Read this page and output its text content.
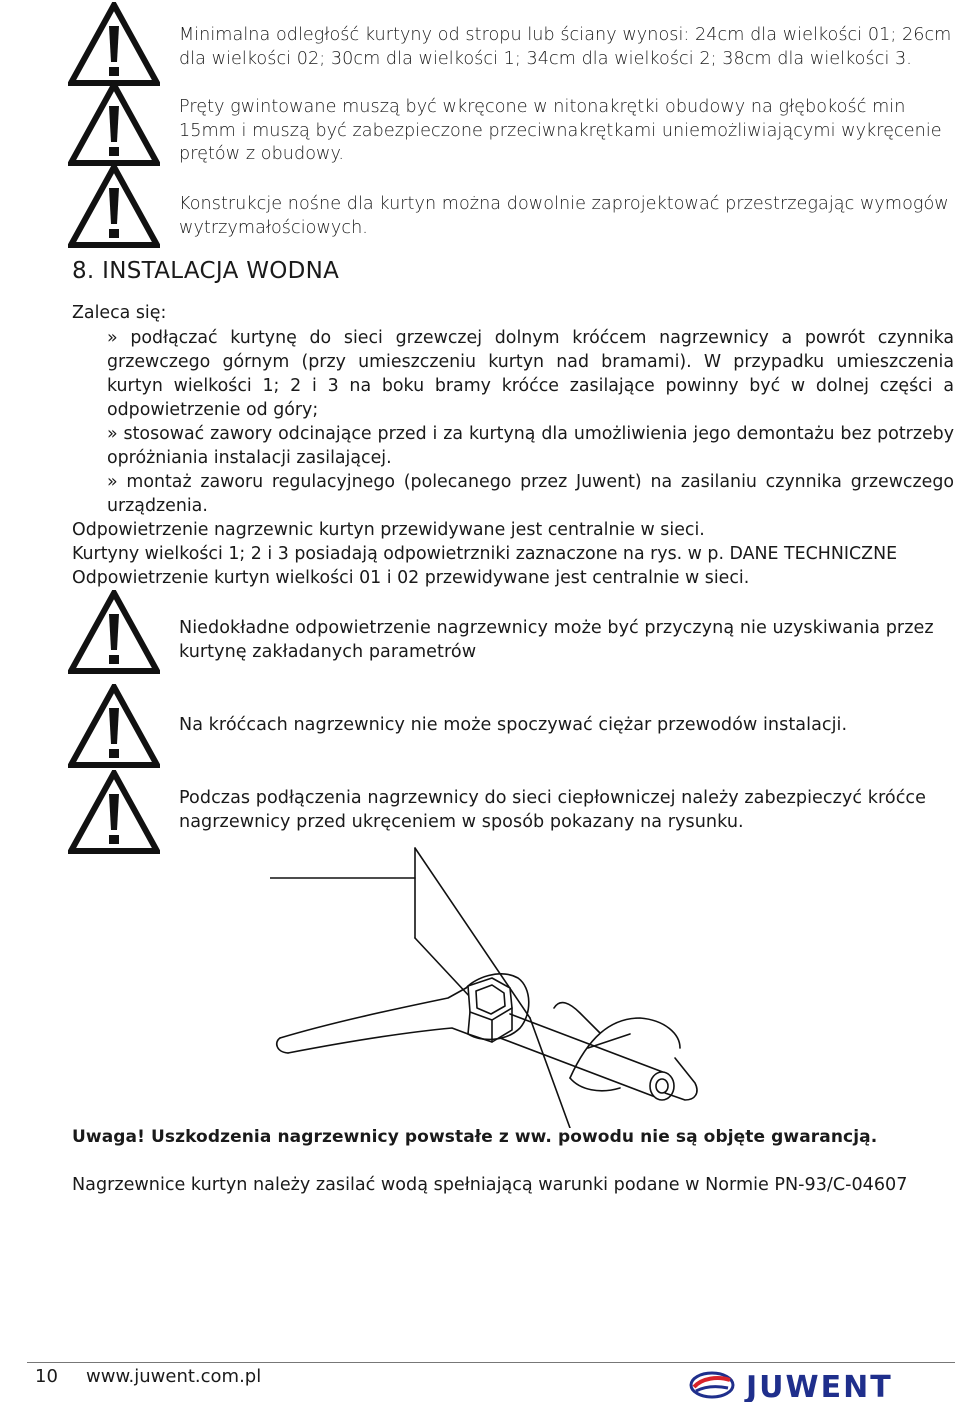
Minimalna odległość kurtyny od stropu lub ściany wynosi: 24cm dla wielkości 01; 26cm dla wielkości 02; 30cm dla wielkości 1; 34cm dla wielkości 2; 38cm dla wielkości 3.
Pręty gwintowane muszą być wkręcone w nitonakrętki obudowy na głębokość min 15mm i muszą być zabezpieczone przeciwnakrętkami uniemożliwiającymi wykręcenie prętów z obudowy.
Konstrukcje nośne dla kurtyn można dowolnie zaprojektować przestrzegając wymogów wytrzymałościowych.
8. INSTALACJA WODNA
Zaleca się:
» podłączać kurtynę do sieci grzewczej dolnym króćcem nagrzewnicy a powrót czynnika grzewczego górnym (przy umieszczeniu kurtyn nad bramami). W przypadku umieszczenia kurtyn wielkości 1; 2 i 3 na boku bramy króćce zasilające powinny być w dolnej części a odpowietrzenie od góry;
» stosować zawory odcinające przed i za kurtyną dla umożliwienia jego demontażu bez potrzeby opróżniania instalacji zasilającej.
» montaż zaworu regulacyjnego (polecanego przez Juwent) na zasilaniu czynnika grzewczego urządzenia.
Odpowietrzenie nagrzewnic kurtyn przewidywane jest centralnie w sieci.
Kurtyny wielkości 1; 2 i 3 posiadają odpowietrzniki zaznaczone na rys. w p. DANE TECHNICZNE
Odpowietrzenie kurtyn wielkości 01 i 02 przewidywane jest centralnie w sieci.
Niedokładne odpowietrzenie nagrzewnicy może być przyczyną nie uzyskiwania przez kurtynę zakładanych parametrów
Na króćcach nagrzewnicy nie może spoczywać ciężar przewodów instalacji.
Podczas podłączenia nagrzewnicy do sieci ciepłowniczej należy zabezpieczyć króćce nagrzewnicy przed ukręceniem w sposób pokazany na rysunku.
Uwaga! Uszkodzenia nagrzewnicy powstałe z ww. powodu nie są objęte gwarancją.
Nagrzewnice kurtyn należy zasilać wodą spełniającą warunki podane w Normie PN-93/C-04607
10 www.juwent.com.pl	JUWENT
